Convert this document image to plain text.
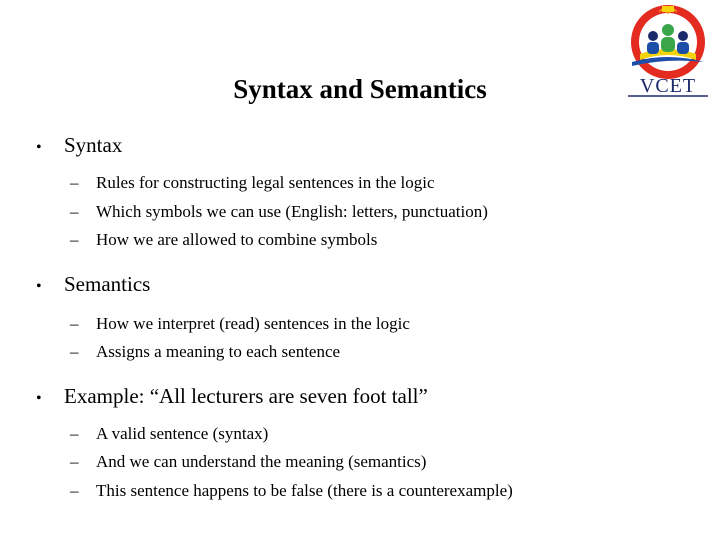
VCET
Syntax and Semantics
•	Syntax
–	Rules for constructing legal sentences in the logic
–	Which symbols we can use (English: letters, punctuation)
–	How we are allowed to combine symbols
•	Semantics
–	How we interpret (read) sentences in the logic
–	Assigns a meaning to each sentence
•	Example: “All lecturers are seven foot tall”
–	A valid sentence (syntax)
–	And we can understand the meaning (semantics)
–	This sentence happens to be false (there is a counterexample)
